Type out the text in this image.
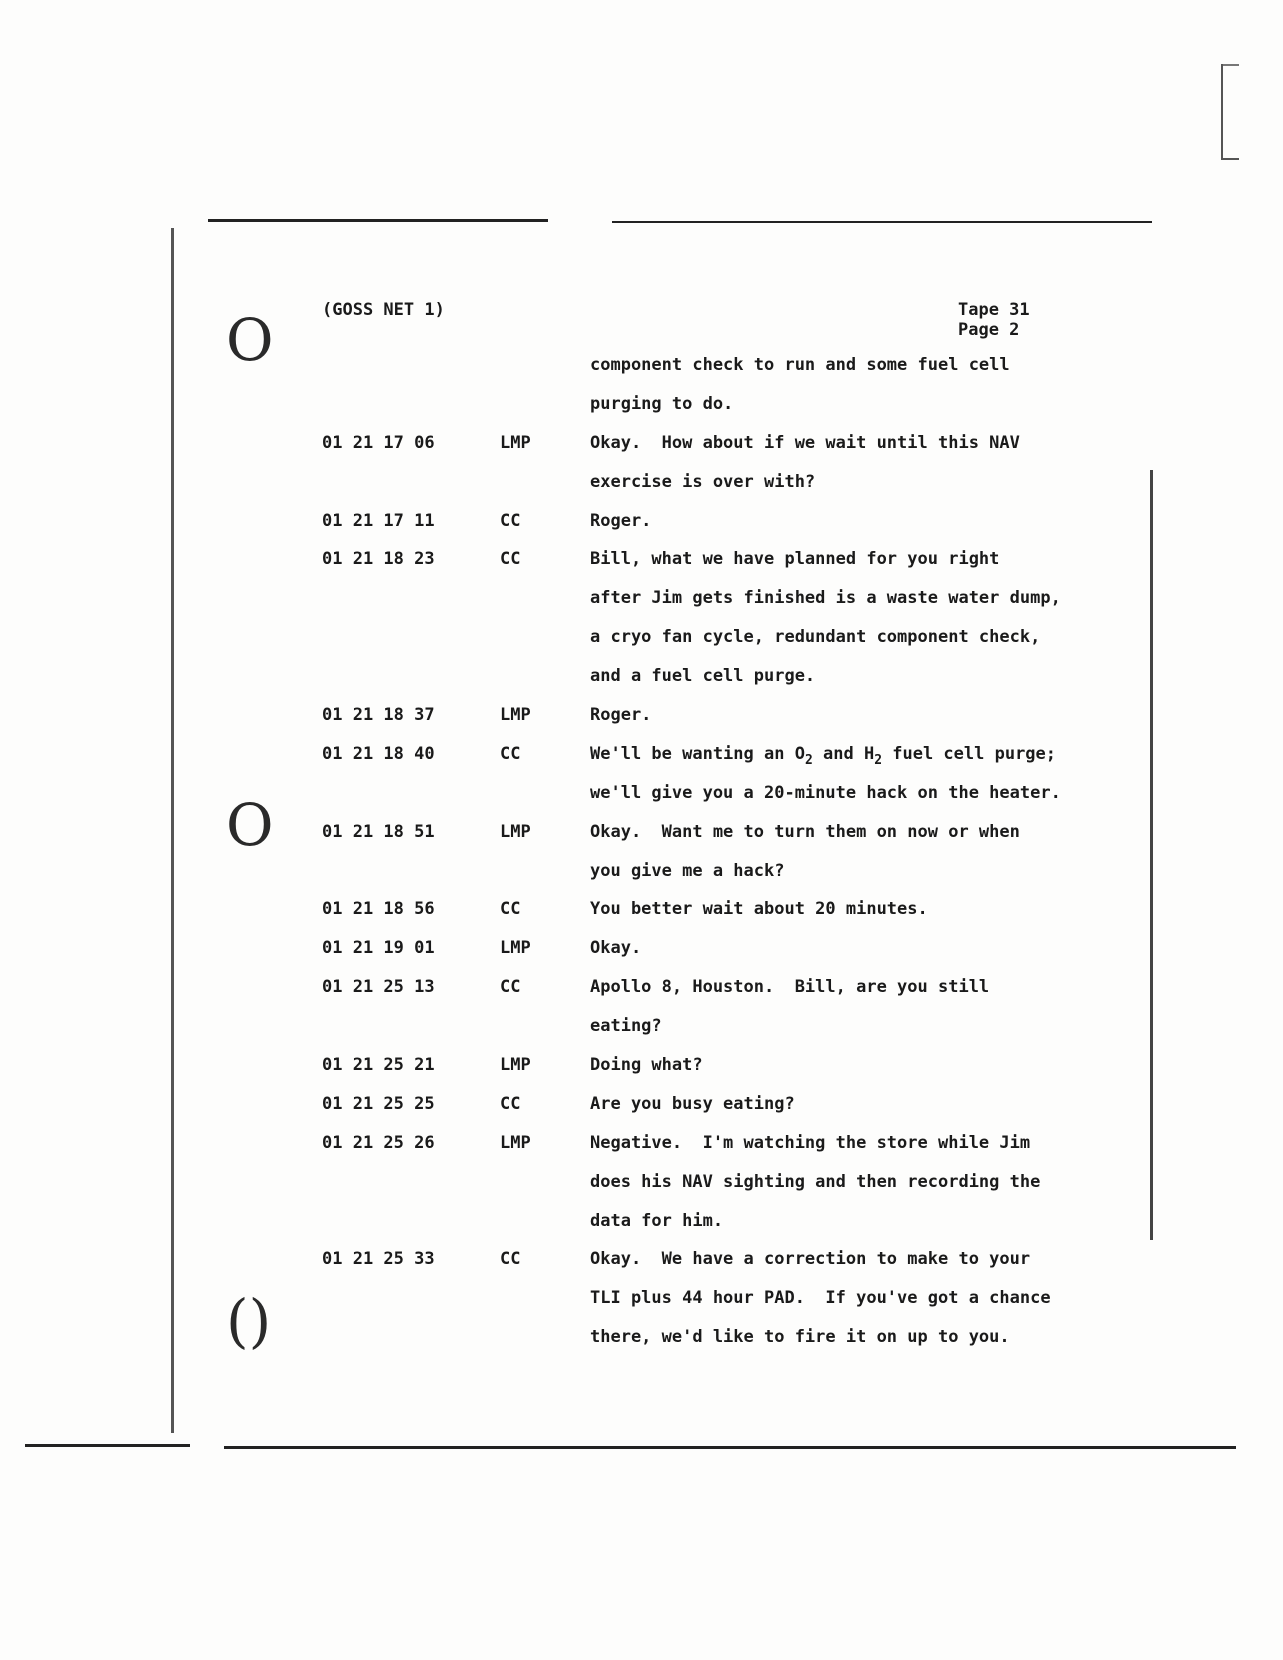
O
O
()
(GOSS NET 1)	Tape 31
Page 2
component check to run and some fuel cell
purging to do.
01 21 17 06	LMP	Okay.  How about if we wait until this NAV
exercise is over with?
01 21 17 11	CC	Roger.
01 21 18 23	CC	Bill, what we have planned for you right
after Jim gets finished is a waste water dump,
a cryo fan cycle, redundant component check,
and a fuel cell purge.
01 21 18 37	LMP	Roger.
01 21 18 40	CC	We'll be wanting an $O_2$ and $H_2$ fuel cell purge;
we'll give you a 20-minute hack on the heater.
01 21 18 51	LMP	Okay.  Want me to turn them on now or when
you give me a hack?
01 21 18 56	CC	You better wait about 20 minutes.
01 21 19 01	LMP	Okay.
01 21 25 13	CC	Apollo 8, Houston.  Bill, are you still
eating?
01 21 25 21	LMP	Doing what?
01 21 25 25	CC	Are you busy eating?
01 21 25 26	LMP	Negative.  I'm watching the store while Jim
does his NAV sighting and then recording the
data for him.
01 21 25 33	CC	Okay.  We have a correction to make to your
TLI plus 44 hour PAD.  If you've got a chance
there, we'd like to fire it on up to you.
